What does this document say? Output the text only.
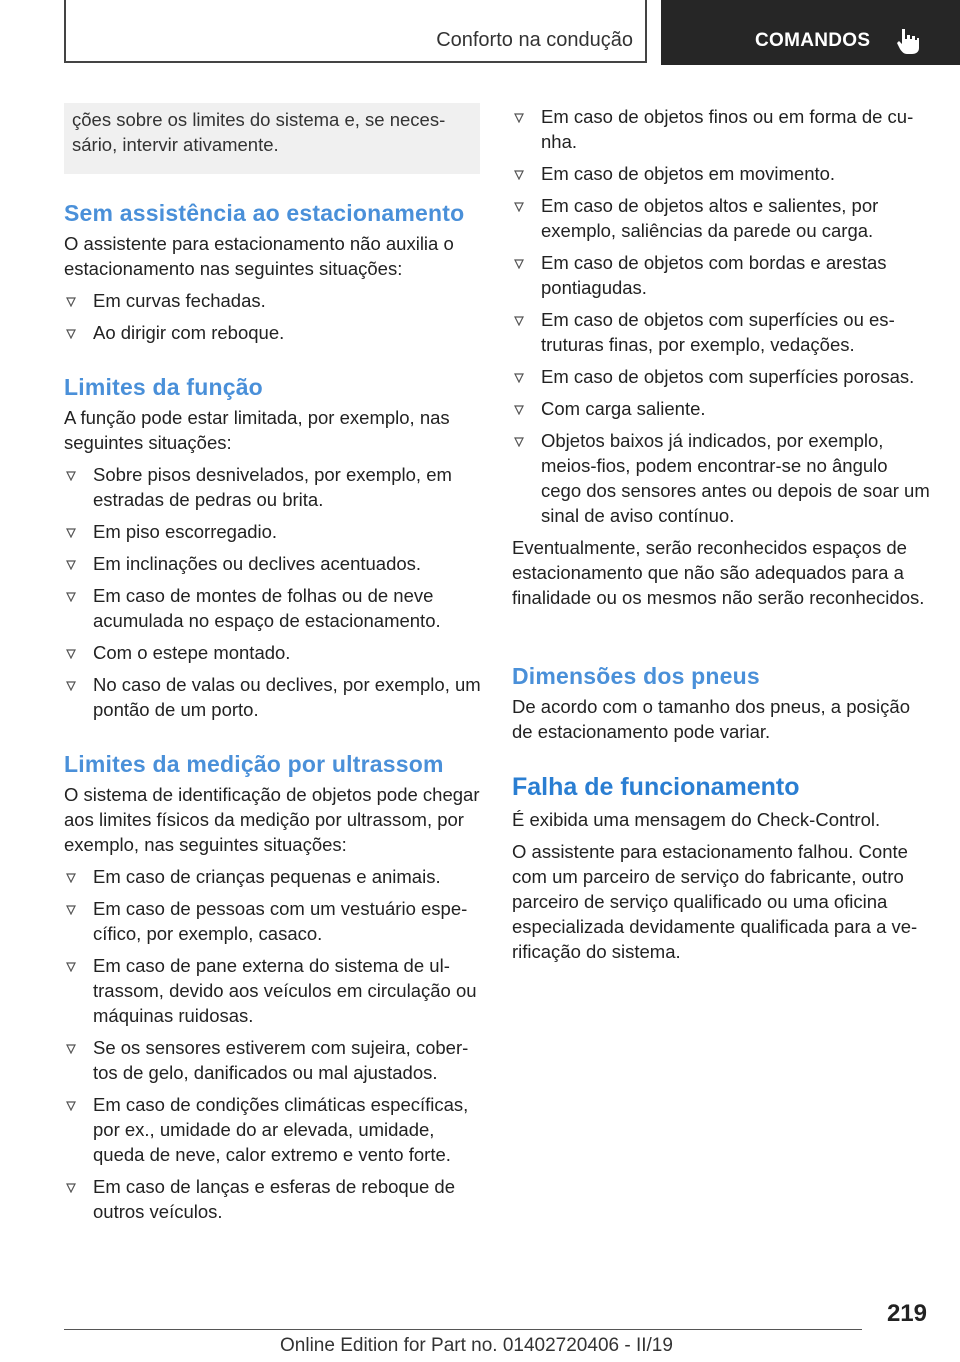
Conforto na condução	COMANDOS

ções sobre os limites do sistema e, se necessário, intervir ativamente.

Sem assistência ao estacionamento

O assistente para estacionamento não auxilia o estacionamento nas seguintes situações:

Em curvas fechadas.
Ao dirigir com reboque.
Limites da função

A função pode estar limitada, por exemplo, nas seguintes situações:

Sobre pisos desnivelados, por exemplo, em estradas de pedras ou brita.
Em piso escorregadio.
Em inclinações ou declives acentuados.
Em caso de montes de folhas ou de neve acumulada no espaço de estacionamento.
Com o estepe montado.
No caso de valas ou declives, por exemplo, um pontão de um porto.
Limites da medição por ultrassom

O sistema de identificação de objetos pode chegar aos limites físicos da medição por ultrassom, por exemplo, nas seguintes situações:

Em caso de crianças pequenas e animais.
Em caso de pessoas com um vestuário específico, por exemplo, casaco.
Em caso de pane externa do sistema de ultrassom, devido aos veículos em circulação ou máquinas ruidosas.
Se os sensores estiverem com sujeira, cobertos de gelo, danificados ou mal ajustados.
Em caso de condições climáticas específicas, por ex., umidade do ar elevada, umidade, queda de neve, calor extremo e vento forte.
Em caso de lanças e esferas de reboque de outros veículos.
Em caso de objetos finos ou em forma de cunha.
Em caso de objetos em movimento.
Em caso de objetos altos e salientes, por exemplo, saliências da parede ou carga.
Em caso de objetos com bordas e arestas pontiagudas.
Em caso de objetos com superfícies ou estruturas finas, por exemplo, vedações.
Em caso de objetos com superfícies porosas.
Com carga saliente.
Objetos baixos já indicados, por exemplo, meios-fios, podem encontrar-se no ângulo cego dos sensores antes ou depois de soar um sinal de aviso contínuo.

Eventualmente, serão reconhecidos espaços de estacionamento que não são adequados para a finalidade ou os mesmos não serão reconhecidos.

Dimensões dos pneus

De acordo com o tamanho dos pneus, a posição de estacionamento pode variar.

Falha de funcionamento

É exibida uma mensagem do Check-Control.

O assistente para estacionamento falhou. Conte com um parceiro de serviço do fabricante, outro parceiro de serviço qualificado ou uma oficina especializada devidamente qualificada para a verificação do sistema.

219
Online Edition for Part no. 01402720406 - II/19
